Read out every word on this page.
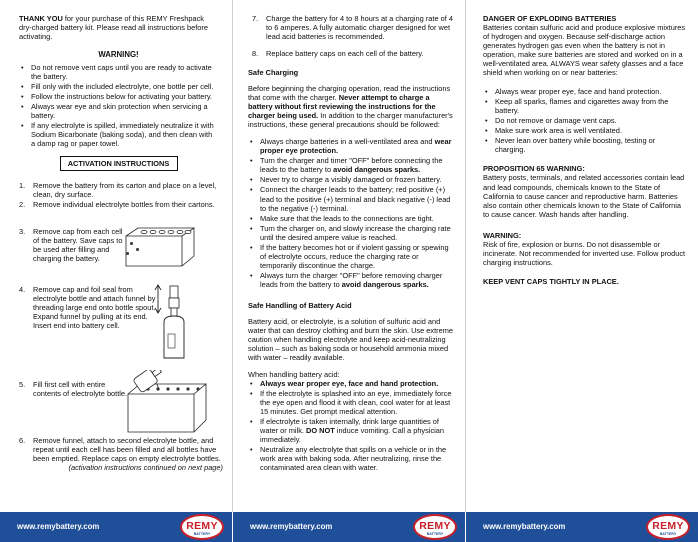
THANK YOU for your purchase of this REMY Freshpack dry-charged battery kit. Please read all instructions before activating.

WARNING!
• Do not remove vent caps until you are ready to activate the battery.
• Fill only with the included electrolyte, one bottle per cell.
• Follow the instructions below for activating your battery.
• Always wear eye and skin protection when servicing a battery.
• If any electrolyte is spilled, immediately neutralize it with Sodium Bicarbonate (baking soda), and then clean with a damp rag or paper towel.
ACTIVATION INSTRUCTIONS
1. Remove the battery from its carton and place on a level, clean, dry surface.
2. Remove individual electrolyte bottles from their cartons.
3. Remove cap from each cell of the battery. Save caps to be used after filling and charging the battery.
4. Remove cap and foil seal from electrolyte bottle and attach funnel by threading large end onto bottle spout. Expand funnel by pulling at its end. Insert end into battery cell.
5. Fill first cell with entire contents of electrolyte bottle.
6. Remove funnel, attach to second electrolyte bottle, and repeat until each cell has been filled and all bottles have been emptied. Replace caps on empty electrolyte bottles.
(activation instructions continued on next page)
www.remybattery.com	REMY
BATTERY
7. Charge the battery for 4 to 8 hours at a charging rate of 4 to 6 amperes. A fully automatic charger designed for wet lead acid batteries is recommended.
8. Replace battery caps on each cell of the battery.
Safe Charging

Before beginning the charging operation, read the instructions that come with the charger. Never attempt to charge a battery without first reviewing the instructions for the charger being used. In addition to the charger manufacturer's instructions, these general precautions should be followed:

• Always charge batteries in a well-ventilated area and wear proper eye protection.
• Turn the charger and timer "OFF" before connecting the leads to the battery to avoid dangerous sparks.
• Never try to charge a visibly damaged or frozen battery.
• Connect the charger leads to the battery; red positive (+) lead to the positive (+) terminal and black negative (-) lead to the negative (-) terminal.
• Make sure that the leads to the connections are tight.
• Turn the charger on, and slowly increase the charging rate until the desired ampere value is reached.
• If the battery becomes hot or if violent gassing or spewing of electrolyte occurs, reduce the charging rate or temporarily discontinue the charge.
• Always turn the charger "OFF" before removing charger leads from the battery to avoid dangerous sparks.
Safe Handling of Battery Acid

Battery acid, or electrolyte, is a solution of sulfuric acid and water that can destroy clothing and burn the skin. Use extreme caution when handling electrolyte and keep acid-neutralizing solution – such as baking soda or household ammonia mixed with water – readily available.

When handling battery acid:

• Always wear proper eye, face and hand protection.
• If the electrolyte is splashed into an eye, immediately force the eye open and flood it with clean, cool water for at least 15 minutes. Get prompt medical attention.
• If electrolyte is taken internally, drink large quantities of water or milk. DO NOT induce vomiting. Call a physician immediately.
• Neutralize any electrolyte that spills on a vehicle or in the work area with baking soda. After neutralizing, rinse the contaminated area clean with water.
www.remybattery.com	REMY
BATTERY
DANGER OF EXPLODING BATTERIES

Batteries contain sulfuric acid and produce explosive mixtures of hydrogen and oxygen. Because self-discharge action generates hydrogen gas even when the battery is not in operation, make sure batteries are stored and worked on in a well-ventilated area. ALWAYS wear safety glasses and a face shield when working on or near batteries:

• Always wear proper eye, face and hand protection.
• Keep all sparks, flames and cigarettes away from the battery.
• Do not remove or damage vent caps.
• Make sure work area is well ventilated.
• Never lean over battery while boosting, testing or charging.
PROPOSITION 65 WARNING:

Battery posts, terminals, and related accessories contain lead and lead compounds, chemicals known to the State of California to cause cancer and reproductive harm. Batteries also contain other chemicals known to the State of California to cause cancer. Wash hands after handling.

WARNING:

Risk of fire, explosion or burns. Do not disassemble or incinerate. Not recommended for inverted use. Follow product charging instructions.

KEEP VENT CAPS TIGHTLY IN PLACE.
www.remybattery.com	REMY
BATTERY
